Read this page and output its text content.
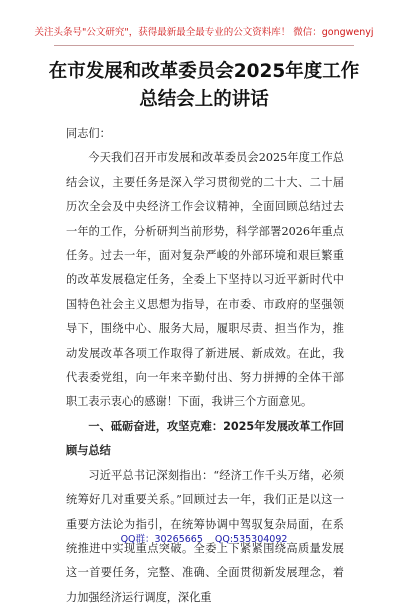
关注头条号"公文研究"，获得最新最全最专业的公文资料库！ 微信：gongwenyj
在市发展和改革委员会2025年度工作总结会上的讲话

同志们：

今天我们召开市发展和改革委员会2025年度工作总结会议，主要任务是深入学习贯彻党的二十大、二十届历次全会及中央经济工作会议精神，全面回顾总结过去一年的工作，分析研判当前形势，科学部署2026年重点任务。过去一年，面对复杂严峻的外部环境和艰巨繁重的改革发展稳定任务，全委上下坚持以习近平新时代中国特色社会主义思想为指导，在市委、市政府的坚强领导下，围绕中心、服务大局，履职尽责、担当作为，推动发展改革各项工作取得了新进展、新成效。在此，我代表委党组，向一年来辛勤付出、努力拼搏的全体干部职工表示衷心的感谢！下面，我讲三个方面意见。

一、砥砺奋进，攻坚克难：2025年发展改革工作回顾与总结

习近平总书记深刻指出：“经济工作千头万绪，必须统筹好几对重要关系。”回顾过去一年，我们正是以这一重要方法论为指引，在统筹协调中驾驭复杂局面，在系统推进中实现重点突破。全委上下紧紧围绕高质量发展这一首要任务，完整、准确、全面贯彻新发展理念，着力加强经济运行调度，深化重

QQ群：30265665 QQ:535304092
